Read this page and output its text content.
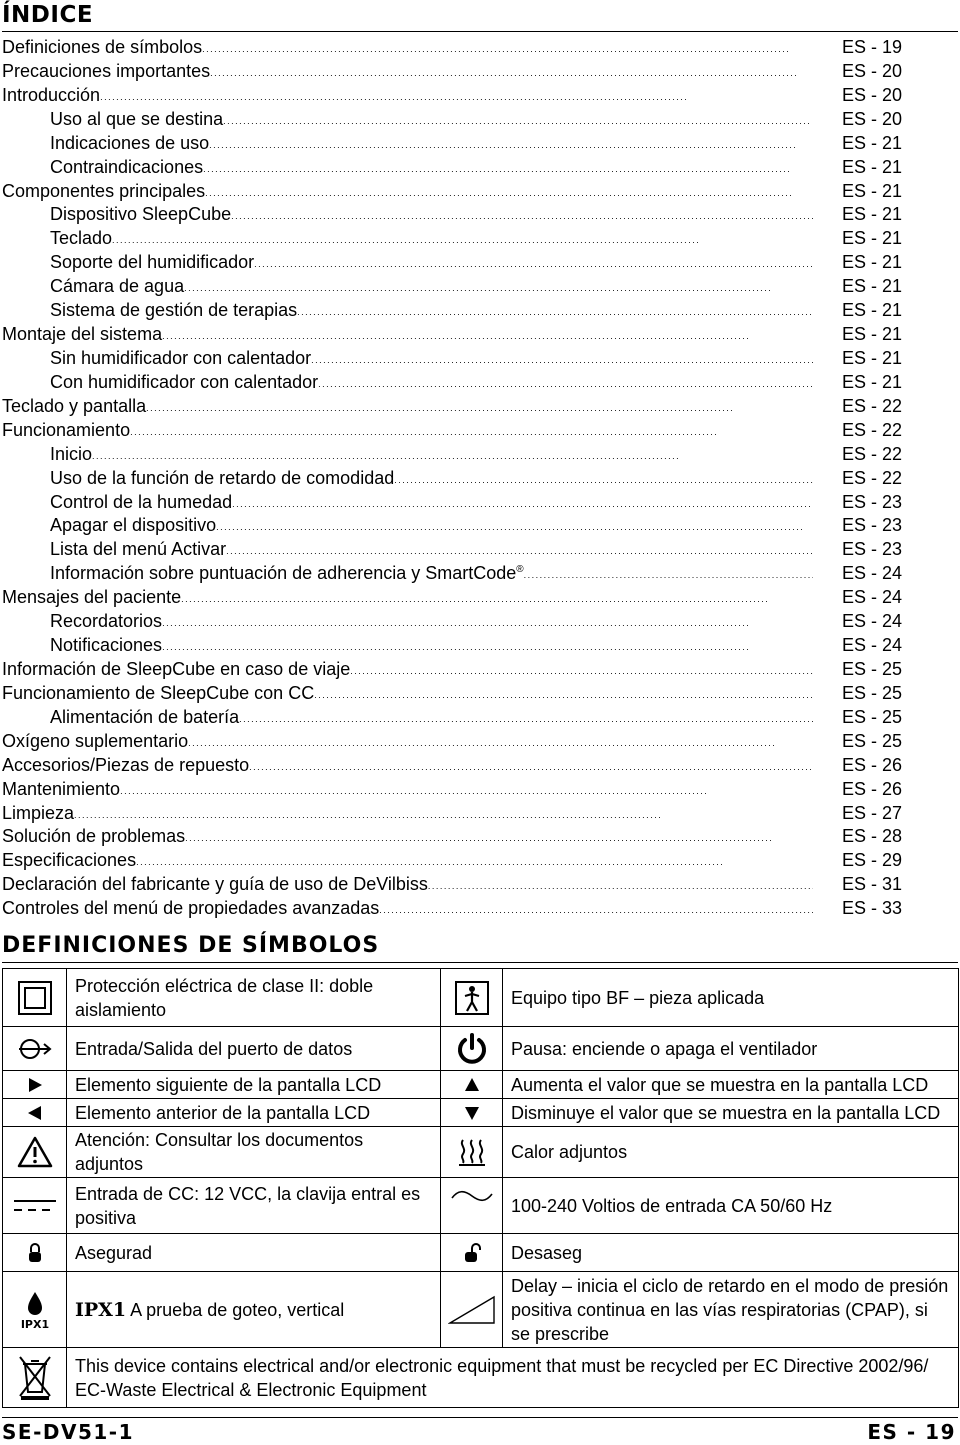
ÍNDICE
Definiciones de símbolos . . .	ES - 19
Precauciones importantes . . .	ES - 20
Introducción . . .	ES - 20
Uso al que se destina . . .	ES - 20
Indicaciones de uso . . .	ES - 21
Contraindicaciones . . .	ES - 21
Componentes principales . . .	ES - 21
Dispositivo SleepCube . . .	ES - 21
Teclado . . .	ES - 21
Soporte del humidificador . . .	ES - 21
Cámara de agua . . .	ES - 21
Sistema de gestión de terapias . . .	ES - 21
Montaje del sistema . . .	ES - 21
Sin humidificador con calentador . . .	ES - 21
Con humidificador con calentador . . .	ES - 21
Teclado y pantalla . . .	ES - 22
Funcionamiento . . .	ES - 22
Inicio . . .	ES - 22
Uso de la función de retardo de comodidad . . .	ES - 22
Control de la humedad . . .	ES - 23
Apagar el dispositivo . . .	ES - 23
Lista del menú Activar . . .	ES - 23
Información sobre puntuación de adherencia y SmartCode® . . .	ES - 24
Mensajes del paciente . . .	ES - 24
Recordatorios . . .	ES - 24
Notificaciones . . .	ES - 24
Información de SleepCube en caso de viaje . . .	ES - 25
Funcionamiento de SleepCube con CC . . .	ES - 25
Alimentación de batería . . .	ES - 25
Oxígeno suplementario . . .	ES - 25
Accesorios/Piezas de repuesto . . .	ES - 26
Mantenimiento . . .	ES - 26
Limpieza . . .	ES - 27
Solución de problemas . . .	ES - 28
Especificaciones . . .	ES - 29
Declaración del fabricante y guía de uso de DeVilbiss . . .	ES - 31
Controles del menú de propiedades avanzadas . . .	ES - 33
DEFINICIONES DE SÍMBOLOS
	Protección eléctrica de clase II: doble aislamiento		Equipo tipo BF – pieza aplicada

	Entrada/Salida del puerto de datos		Pausa: enciende o apaga el ventilador

	Elemento siguiente de la pantalla LCD		Aumenta el valor que se muestra en la pantalla LCD

	Elemento anterior de la pantalla LCD		Disminuye el valor que se muestra en la pantalla LCD

	Atención: Consultar los documentos adjuntos		Calor adjuntos

	Entrada de CC: 12 VCC, la clavija entral es positiva		100-240 Voltios de entrada CA 50/60 Hz

	Asegurad		Desaseg

IPX1	IPX1 A prueba de goteo, vertical		Delay – inicia el ciclo de retardo en el modo de presión positiva continua en las vías respiratorias (CPAP), si se prescribe

	This device contains electrical and/or electronic equipment that must be recycled per EC Directive 2002/96/ EC-Waste Electrical & Electronic Equipment		
SE-DV51-1	ES - 19
